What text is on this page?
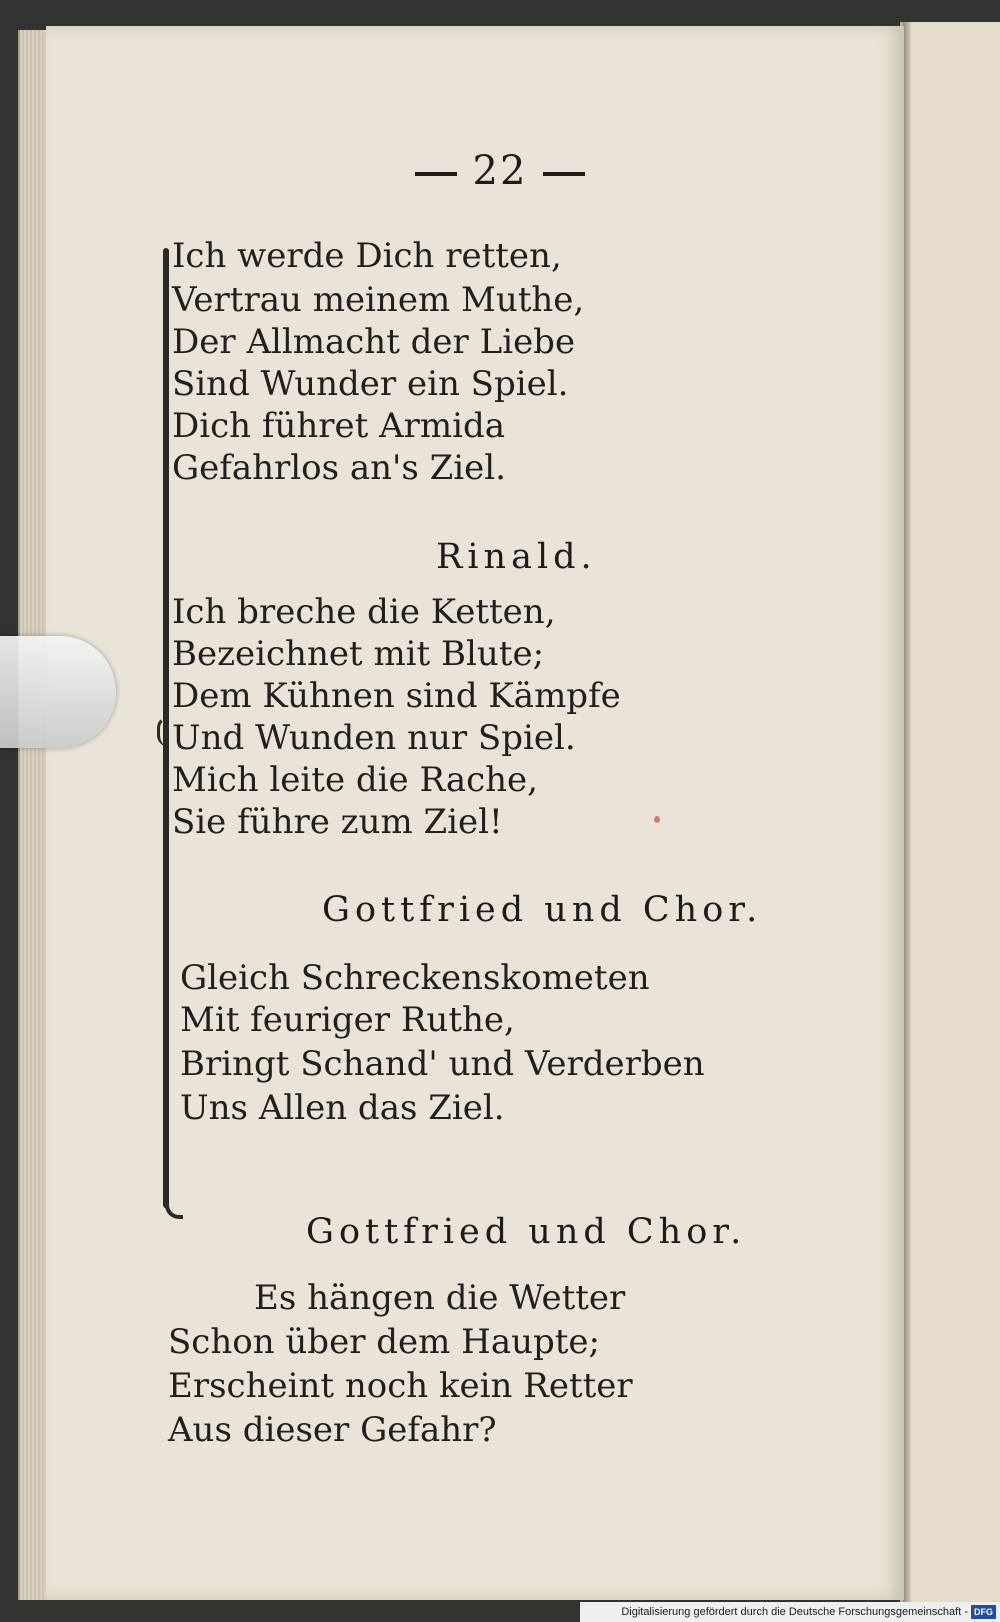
22
Ich werde Dich retten,
Vertrau meinem Muthe,
Der Allmacht der Liebe
Sind Wunder ein Spiel.
Dich führet Armida
Gefahrlos an's Ziel.
Rinald.
Ich breche die Ketten,
Bezeichnet mit Blute;
Dem Kühnen sind Kämpfe
Und Wunden nur Spiel.
Mich leite die Rache,
Sie führe zum Ziel!
Gottfried und Chor.
Gleich Schreckenskometen
Mit feuriger Ruthe,
Bringt Schand' und Verderben
Uns Allen das Ziel.
Gottfried und Chor.
Es hängen die Wetter
Schon über dem Haupte;
Erscheint noch kein Retter
Aus dieser Gefahr?
Digitalisierung gefördert durch die Deutsche Forschungsgemeinschaft - DFG
